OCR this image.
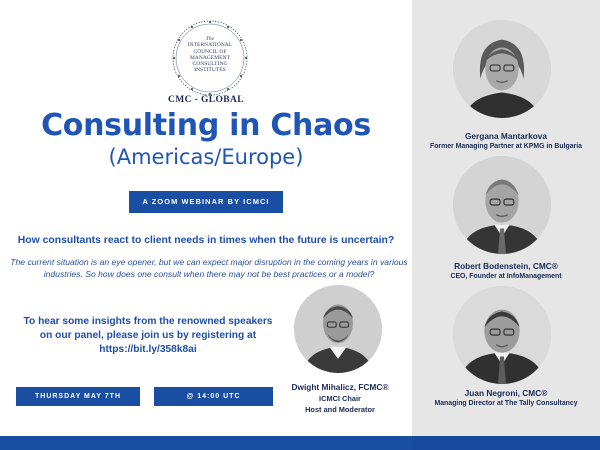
The
INTERNATIONAL
COUNCIL OF
MANAGEMENT
CONSULTING
INSTITUTES
CMC - GLOBAL
Consulting in Chaos
(Americas/Europe)
A ZOOM WEBINAR BY ICMCI
How consultants react to client needs in times when the future is uncertain?
The current situation is an eye opener, but we can expect major disruption in the coming years in various industries. So how does one consult when there may not be best practices or a model?
To hear some insights from the renowned speakers
on our panel, please join us by registering at
https://bit.ly/358k8ai
THURSDAY MAY 7TH	@ 14:00 UTC
Dwight Mihalicz, FCMC®
ICMCI Chair
Host and Moderator
Gergana Mantarkova
Former Managing Partner at KPMG in Bulgaria
Robert Bodenstein, CMC®
CEO, Founder at InfoManagement
Juan Negroni, CMC®
Managing Director at The Tally Consultancy
